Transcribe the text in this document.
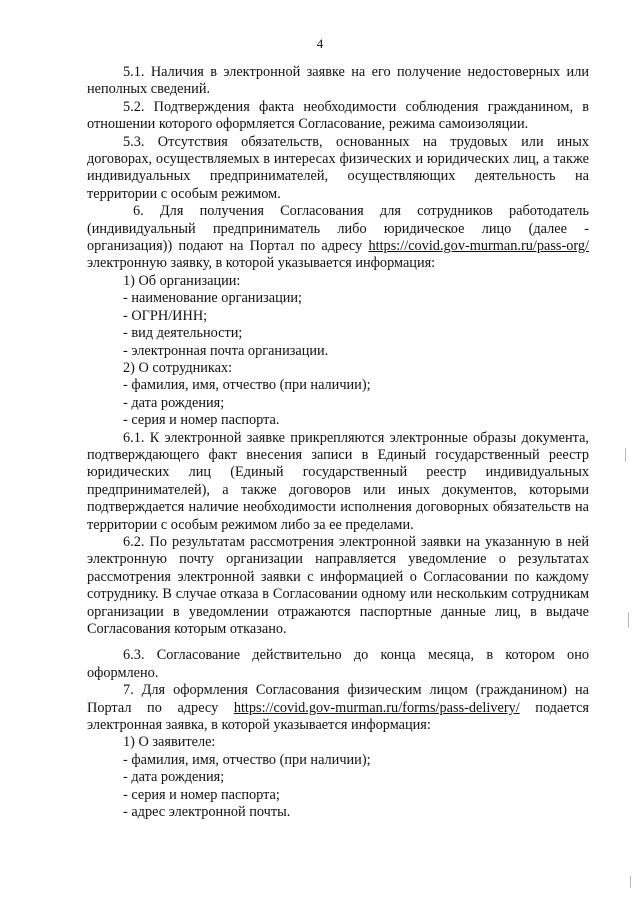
4

5.1. Наличия в электронной заявке на его получение недостоверных или неполных сведений.

5.2. Подтверждения факта необходимости соблюдения гражданином, в отношении которого оформляется Согласование, режима самоизоляции.

5.3. Отсутствия обязательств, основанных на трудовых или иных договорах, осуществляемых в интересах физических и юридических лиц, а также индивидуальных предпринимателей, осуществляющих деятельность на территории с особым режимом.

6. Для получения Согласования для сотрудников работодатель (индивидуальный предприниматель либо юридическое лицо (далее - организация)) подают на Портал по адресу https://covid.gov-murman.ru/pass-org/ электронную заявку, в которой указывается информация:

1) Об организации:

- наименование организации;

- ОГРН/ИНН;

- вид деятельности;

- электронная почта организации.

2) О сотрудниках:

- фамилия, имя, отчество (при наличии);

- дата рождения;

- серия и номер паспорта.

6.1. К электронной заявке прикрепляются электронные образы документа, подтверждающего факт внесения записи в Единый государственный реестр юридических лиц (Единый государственный реестр индивидуальных предпринимателей), а также договоров или иных документов, которыми подтверждается наличие необходимости исполнения договорных обязательств на территории с особым режимом либо за ее пределами.

6.2. По результатам рассмотрения электронной заявки на указанную в ней электронную почту организации направляется уведомление о результатах рассмотрения электронной заявки с информацией о Согласовании по каждому сотруднику. В случае отказа в Согласовании одному или нескольким сотрудникам организации в уведомлении отражаются паспортные данные лиц, в выдаче Согласования которым отказано.

6.3. Согласование действительно до конца месяца, в котором оно оформлено.

7. Для оформления Согласования физическим лицом (гражданином) на Портал по адресу https://covid.gov-murman.ru/forms/pass-delivery/ подается электронная заявка, в которой указывается информация:

1) О заявителе:

- фамилия, имя, отчество (при наличии);

- дата рождения;

- серия и номер паспорта;

- адрес электронной почты.
